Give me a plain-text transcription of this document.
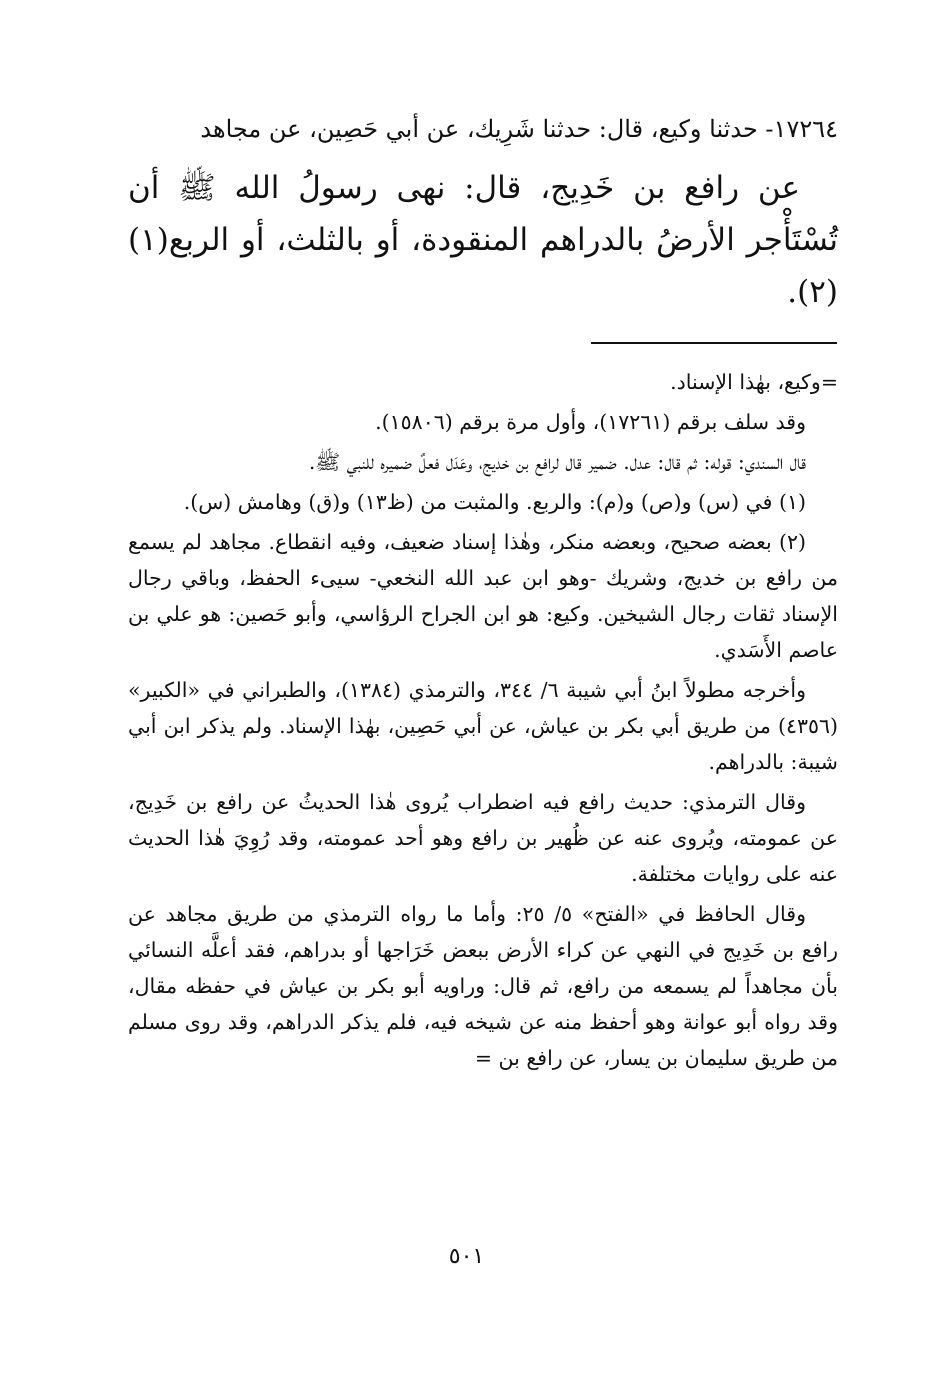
١٧٢٦٤- حدثنا وكيع، قال: حدثنا شَرِيك، عن أبي حَصِين، عن مجاهد

عن رافع بن خَدِيج، قال: نهى رسولُ الله ﷺ أن تُسْتَأْجر الأرضُ بالدراهم المنقودة، أو بالثلث، أو الربع(١)(٢).

=وكيع، بهٰذا الإسناد.

وقد سلف برقم (١٧٢٦١)، وأول مرة برقم (١٥٨٠٦).

قال السندي: قوله: ثم قال: عدل. ضمير قال لرافع بن خديج، وعَدَل فعلٌ ضميره للنبي ﷺ.

(١) في (س) و(ص) و(م): والربع. والمثبت من (ظ١٣) و(ق) وهامش (س).

(٢) بعضه صحيح، وبعضه منكر، وهٰذا إسناد ضعيف، وفيه انقطاع. مجاهد لم يسمع من رافع بن خديج، وشريك -وهو ابن عبد الله النخعي- سيىء الحفظ، وباقي رجال الإسناد ثقات رجال الشيخين. وكيع: هو ابن الجراح الرؤاسي، وأبو حَصين: هو علي بن عاصم الأَسَدي.

وأخرجه مطولاً ابنُ أبي شيبة ٦/ ٣٤٤، والترمذي (١٣٨٤)، والطبراني في «الكبير» (٤٣٥٦) من طريق أبي بكر بن عياش، عن أبي حَصِين، بهٰذا الإسناد. ولم يذكر ابن أبي شيبة: بالدراهم.

وقال الترمذي: حديث رافع فيه اضطراب يُروى هٰذا الحديثُ عن رافع بن خَدِيج، عن عمومته، ويُروى عنه عن ظُهير بن رافع وهو أحد عمومته، وقد رُوِيَ هٰذا الحديث عنه على روايات مختلفة.

وقال الحافظ في «الفتح» ٥/ ٢٥: وأما ما رواه الترمذي من طريق مجاهد عن رافع بن خَدِيج في النهي عن كراء الأرض ببعض خَرَاجها أو بدراهم، فقد أعلَّه النسائي بأن مجاهداً لم يسمعه من رافع، ثم قال: وراويه أبو بكر بن عياش في حفظه مقال، وقد رواه أبو عوانة وهو أحفظ منه عن شيخه فيه، فلم يذكر الدراهم، وقد روى مسلم من طريق سليمان بن يسار، عن رافع بن =

٥٠١
